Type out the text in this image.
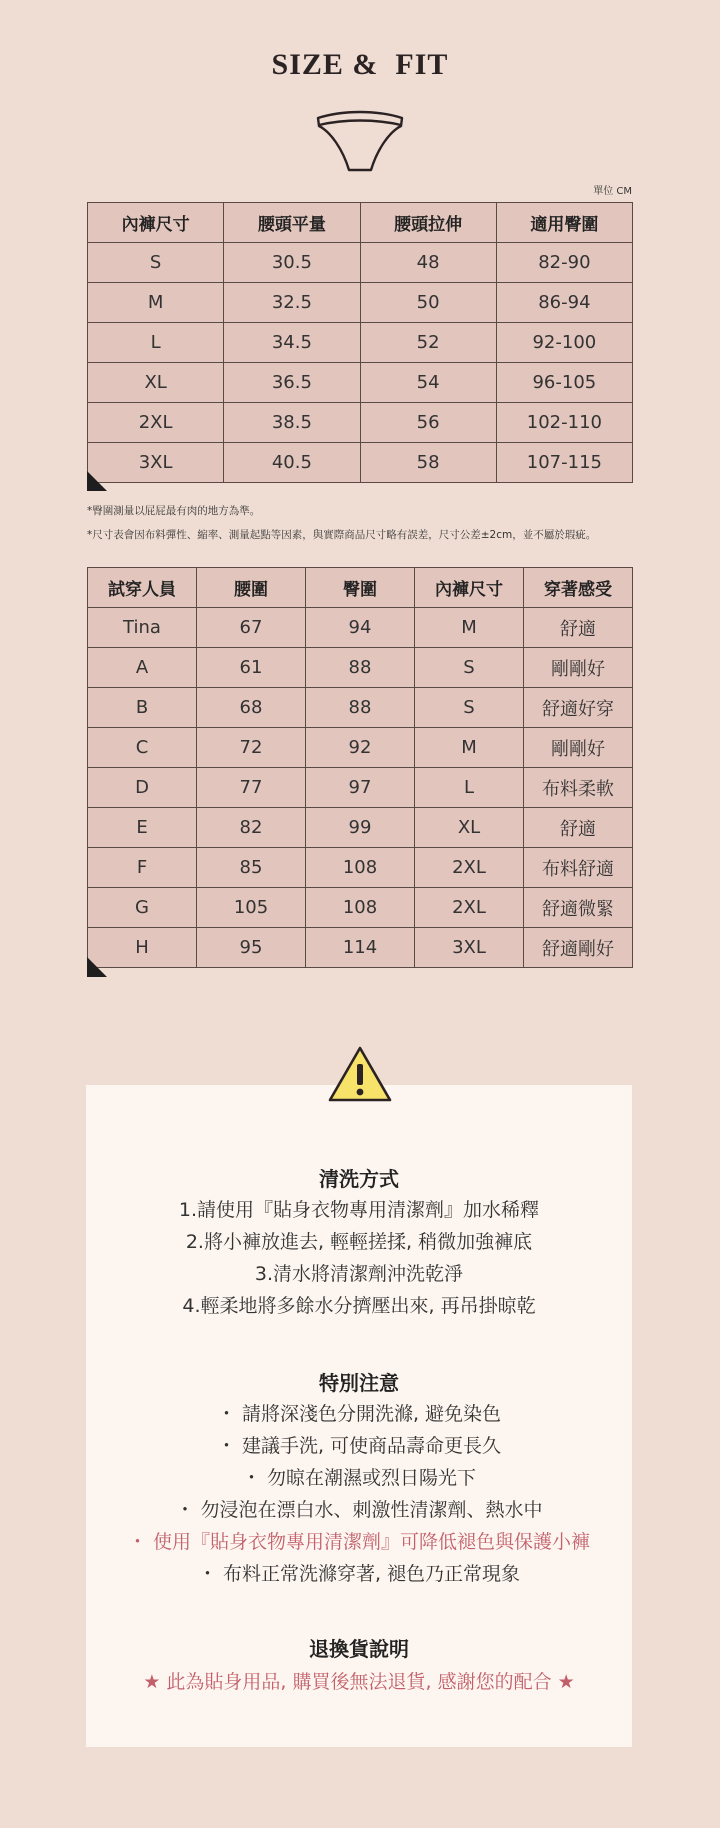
SIZE &  FIT
單位 CM
內褲尺寸	腰頭平量	腰頭拉伸	適用臀圍
S	30.5	48	82-90
M	32.5	50	86-94
L	34.5	52	92-100
XL	36.5	54	96-105
2XL	38.5	56	102-110
3XL	40.5	58	107-115
*臀圍測量以屁屁最有肉的地方為準。
*尺寸表會因布料彈性、縮率、測量起點等因素，與實際商品尺寸略有誤差，尺寸公差±2cm，並不屬於瑕疵。
試穿人員	腰圍	臀圍	內褲尺寸	穿著感受
Tina	67	94	M	舒適
A	61	88	S	剛剛好
B	68	88	S	舒適好穿
C	72	92	M	剛剛好
D	77	97	L	布料柔軟
E	82	99	XL	舒適
F	85	108	2XL	布料舒適
G	105	108	2XL	舒適微緊
H	95	114	3XL	舒適剛好
清洗方式
1.請使用『貼身衣物專用清潔劑』加水稀釋
2.將小褲放進去, 輕輕搓揉, 稍微加強褲底
3.清水將清潔劑沖洗乾淨
4.輕柔地將多餘水分擠壓出來, 再吊掛晾乾
特別注意
・ 請將深淺色分開洗滌, 避免染色
・ 建議手洗, 可使商品壽命更長久
・ 勿晾在潮濕或烈日陽光下
・ 勿浸泡在漂白水、刺激性清潔劑、熱水中
・ 使用『貼身衣物專用清潔劑』可降低褪色與保護小褲
・ 布料正常洗滌穿著, 褪色乃正常現象
退換貨說明
★ 此為貼身用品, 購買後無法退貨, 感謝您的配合 ★
